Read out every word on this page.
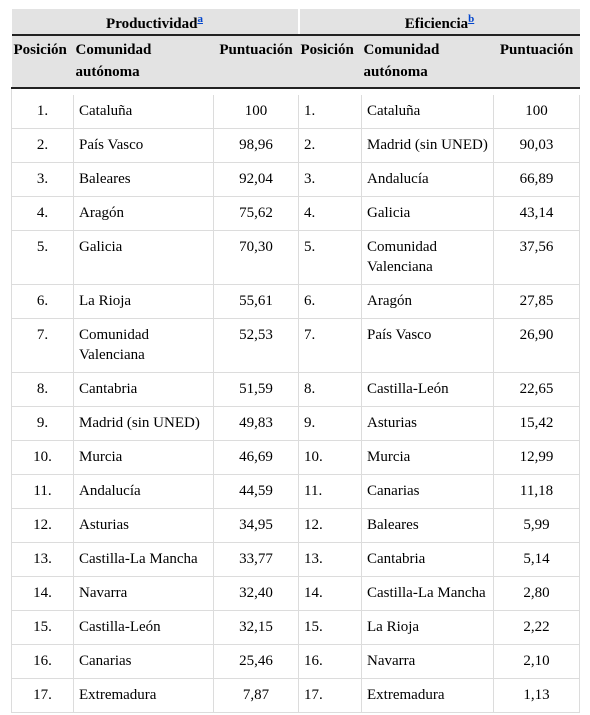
Productividad$^a$			Eficiencia$^b$
Posición	Comunidad autónoma	Puntuación	Posición	Comunidad autónoma	Puntuación

1.	Cataluña	100	1.	Cataluña	100
2.	País Vasco	98,96	2.	Madrid (sin UNED)	90,03
3.	Baleares	92,04	3.	Andalucía	66,89
4.	Aragón	75,62	4.	Galicia	43,14
5.	Galicia	70,30	5.	Comunidad Valenciana	37,56
6.	La Rioja	55,61	6.	Aragón	27,85
7.	Comunidad Valenciana	52,53	7.	País Vasco	26,90
8.	Cantabria	51,59	8.	Castilla-León	22,65
9.	Madrid (sin UNED)	49,83	9.	Asturias	15,42
10.	Murcia	46,69	10.	Murcia	12,99
11.	Andalucía	44,59	11.	Canarias	11,18
12.	Asturias	34,95	12.	Baleares	5,99
13.	Castilla-La Mancha	33,77	13.	Cantabria	5,14
14.	Navarra	32,40	14.	Castilla-La Mancha	2,80
15.	Castilla-León	32,15	15.	La Rioja	2,22
16.	Canarias	25,46	16.	Navarra	2,10
17.	Extremadura	7,87	17.	Extremadura	1,13
